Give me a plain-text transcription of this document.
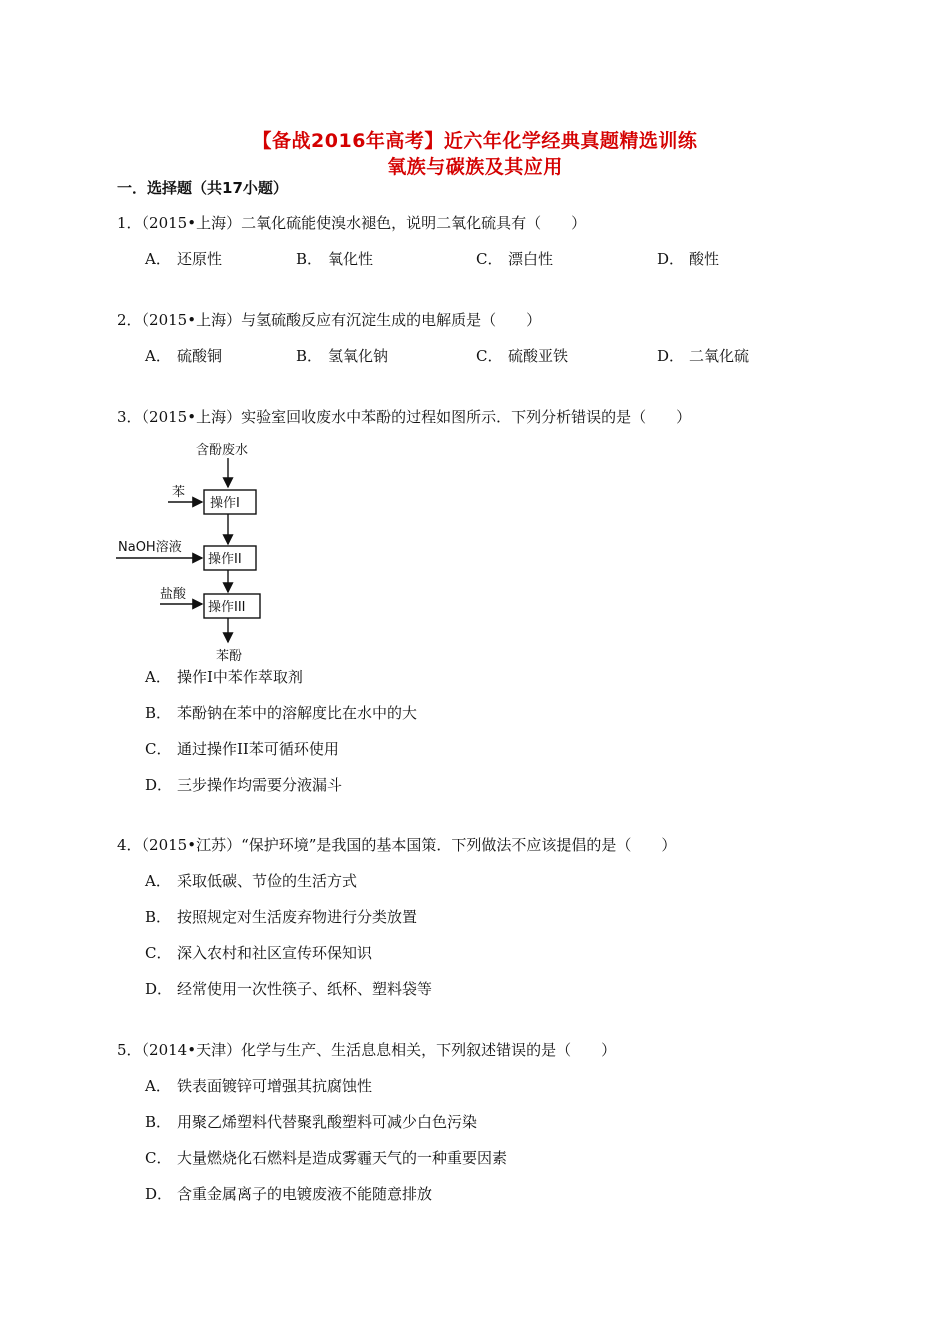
【备战2016年高考】近六年化学经典真题精选训练
氧族与碳族及其应用
一．选择题（共17小题）
1．（2015•上海）二氧化硫能使溴水褪色，说明二氧化硫具有（　　）
A． 还原性	B． 氧化性	C． 漂白性	D． 酸性
2．（2015•上海）与氢硫酸反应有沉淀生成的电解质是（　　）
A． 硫酸铜	B． 氢氧化钠	C． 硫酸亚铁	D． 二氧化硫
3．（2015•上海）实验室回收废水中苯酚的过程如图所示．下列分析错误的是（　　）
含酚废水
苯
操作I
NaOH溶液
操作II
盐酸
操作III
苯酚
A． 操作I中苯作萃取剂
B． 苯酚钠在苯中的溶解度比在水中的大
C． 通过操作II苯可循环使用
D． 三步操作均需要分液漏斗
4．（2015•江苏）“保护环境”是我国的基本国策．下列做法不应该提倡的是（　　）
A． 采取低碳、节俭的生活方式
B． 按照规定对生活废弃物进行分类放置
C． 深入农村和社区宣传环保知识
D． 经常使用一次性筷子、纸杯、塑料袋等
5．（2014•天津）化学与生产、生活息息相关，下列叙述错误的是（　　）
A． 铁表面镀锌可增强其抗腐蚀性
B． 用聚乙烯塑料代替聚乳酸塑料可减少白色污染
C． 大量燃烧化石燃料是造成雾霾天气的一种重要因素
D． 含重金属离子的电镀废液不能随意排放
